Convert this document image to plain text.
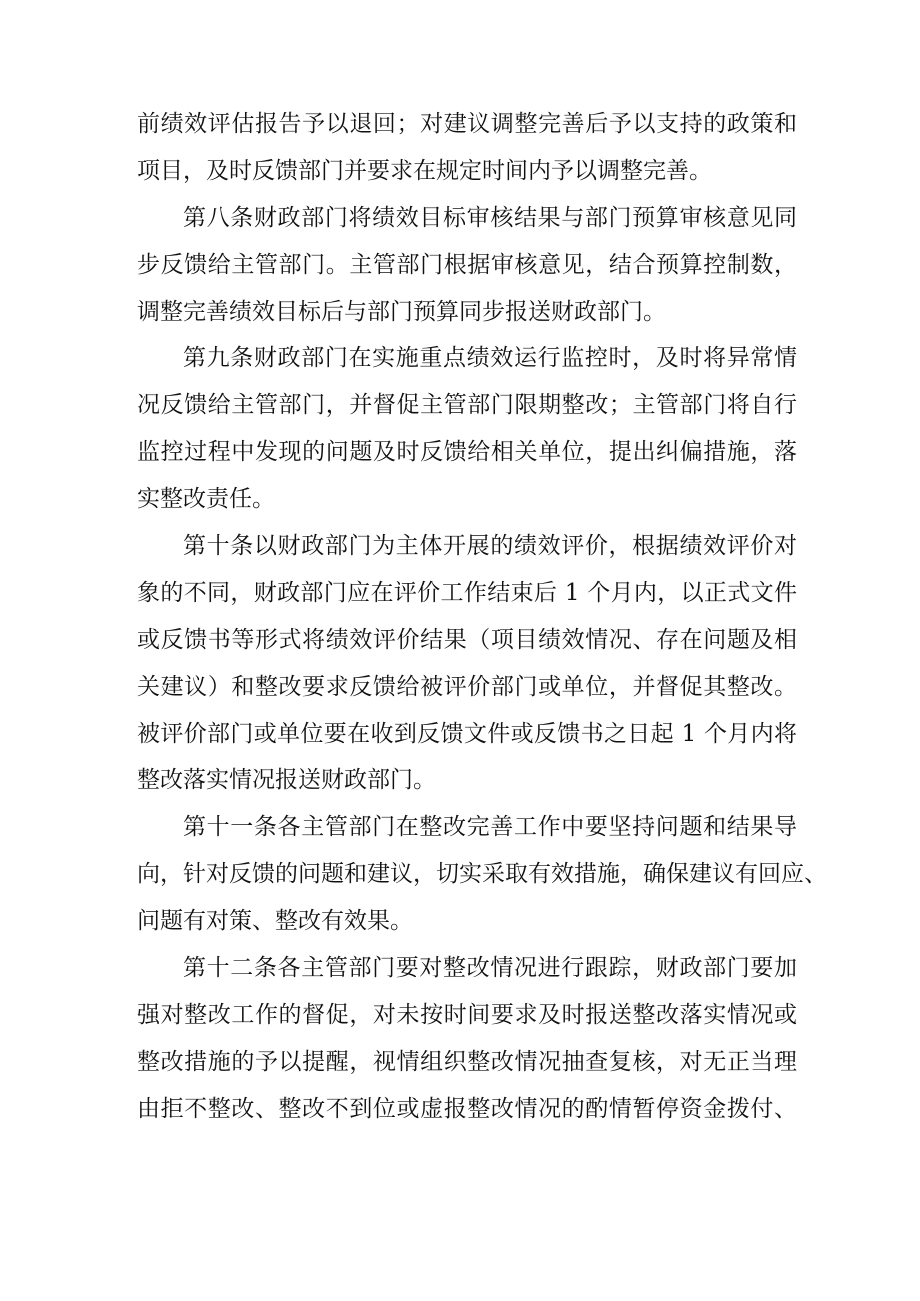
前绩效评估报告予以退回；对建议调整完善后予以支持的政策和
项目，及时反馈部门并要求在规定时间内予以调整完善。
第八条财政部门将绩效目标审核结果与部门预算审核意见同
步反馈给主管部门。主管部门根据审核意见，结合预算控制数，
调整完善绩效目标后与部门预算同步报送财政部门。
第九条财政部门在实施重点绩效运行监控时，及时将异常情
况反馈给主管部门，并督促主管部门限期整改；主管部门将自行
监控过程中发现的问题及时反馈给相关单位，提出纠偏措施，落
实整改责任。
第十条以财政部门为主体开展的绩效评价，根据绩效评价对
象的不同，财政部门应在评价工作结束后 1 个月内，以正式文件
或反馈书等形式将绩效评价结果（项目绩效情况、存在问题及相
关建议）和整改要求反馈给被评价部门或单位，并督促其整改。
被评价部门或单位要在收到反馈文件或反馈书之日起 1 个月内将
整改落实情况报送财政部门。
第十一条各主管部门在整改完善工作中要坚持问题和结果导
向，针对反馈的问题和建议，切实采取有效措施，确保建议有回应、
问题有对策、整改有效果。
第十二条各主管部门要对整改情况进行跟踪，财政部门要加
强对整改工作的督促，对未按时间要求及时报送整改落实情况或
整改措施的予以提醒，视情组织整改情况抽查复核，对无正当理
由拒不整改、整改不到位或虚报整改情况的酌情暂停资金拨付、
